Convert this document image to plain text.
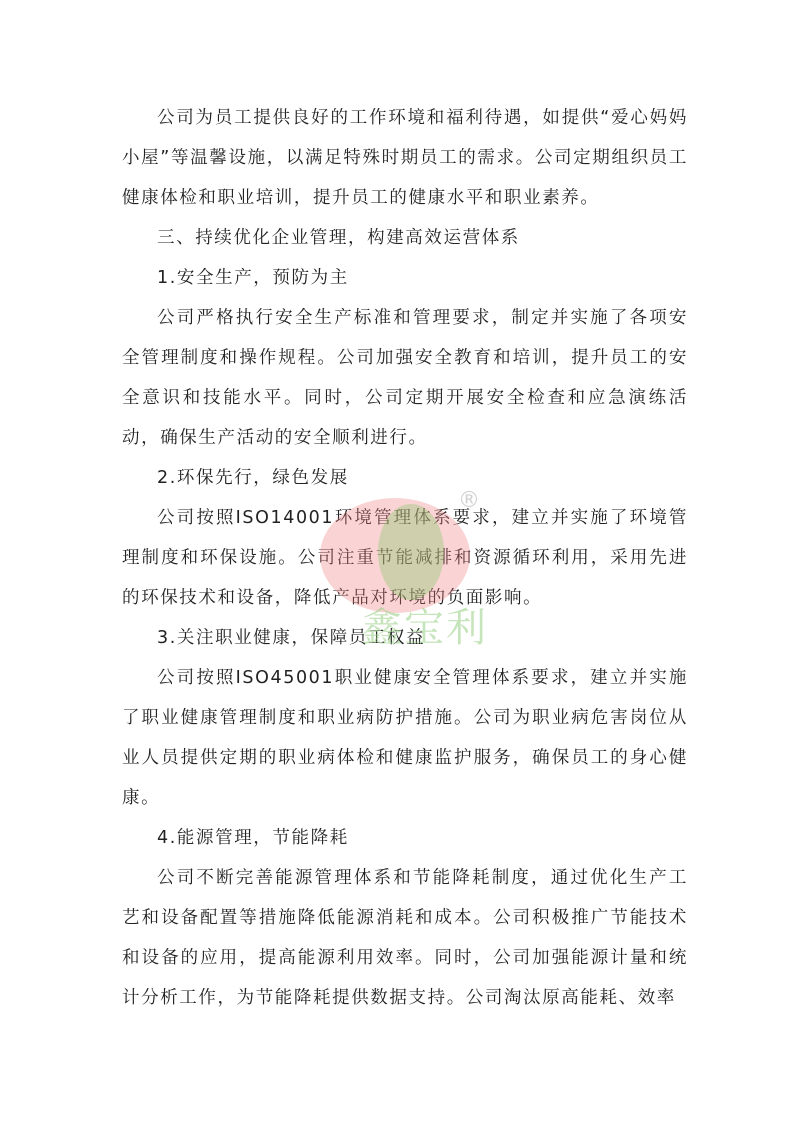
公司为员工提供良好的工作环境和福利待遇，如提供“爱心妈妈小屋”等温馨设施，以满足特殊时期员工的需求。公司定期组织员工健康体检和职业培训，提升员工的健康水平和职业素养。

三、持续优化企业管理，构建高效运营体系

1.安全生产，预防为主

公司严格执行安全生产标准和管理要求，制定并实施了各项安全管理制度和操作规程。公司加强安全教育和培训，提升员工的安全意识和技能水平。同时，公司定期开展安全检查和应急演练活动，确保生产活动的安全顺利进行。

2.环保先行，绿色发展

公司按照ISO14001环境管理体系要求，建立并实施了环境管理制度和环保设施。公司注重节能减排和资源循环利用，采用先进的环保技术和设备，降低产品对环境的负面影响。

3.关注职业健康，保障员工权益

公司按照ISO45001职业健康安全管理体系要求，建立并实施了职业健康管理制度和职业病防护措施。公司为职业病危害岗位从业人员提供定期的职业病体检和健康监护服务，确保员工的身心健康。

4.能源管理，节能降耗

公司不断完善能源管理体系和节能降耗制度，通过优化生产工艺和设备配置等措施降低能源消耗和成本。公司积极推广节能技术和设备的应用，提高能源利用效率。同时，公司加强能源计量和统计分析工作，为节能降耗提供数据支持。公司淘汰原高能耗、效率

®
鑫宝利
